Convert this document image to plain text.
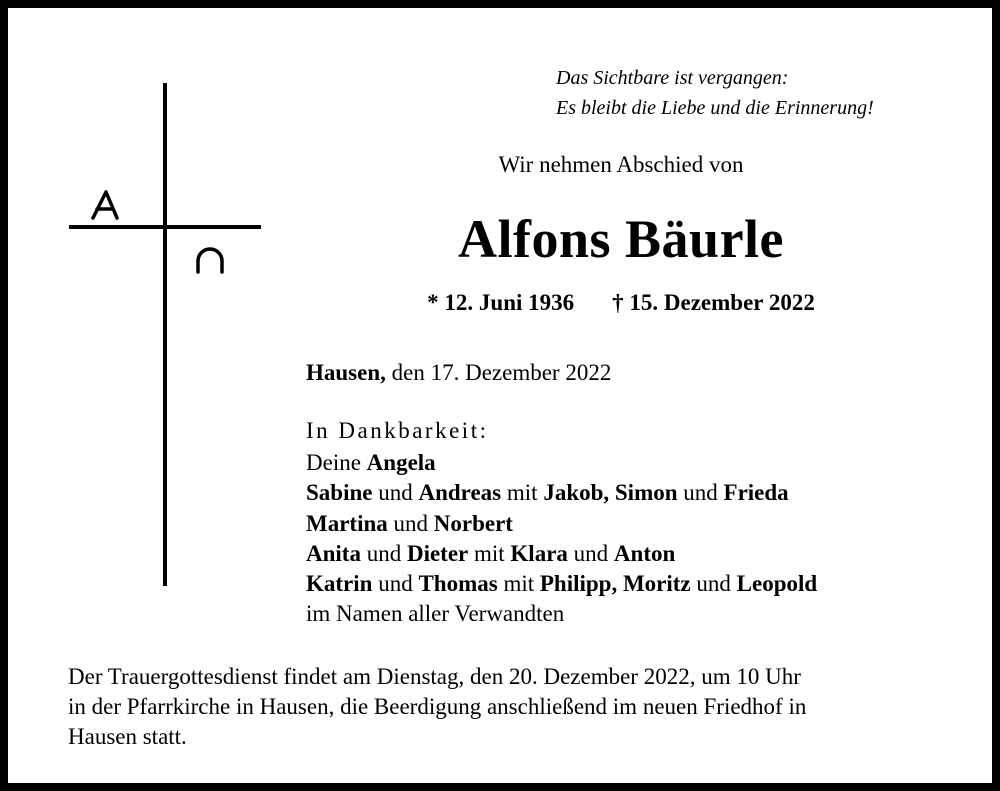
Das Sichtbare ist vergangen:
Es bleibt die Liebe und die Erinnerung!
Wir nehmen Abschied von
Alfons Bäurle
* 12. Juni 1936 † 15. Dezember 2022
Hausen, den 17. Dezember 2022
In Dankbarkeit:
Deine Angela
Sabine und Andreas mit Jakob, Simon und Frieda
Martina und Norbert
Anita und Dieter mit Klara und Anton
Katrin und Thomas mit Philipp, Moritz und Leopold
im Namen aller Verwandten
Der Trauergottesdienst findet am Dienstag, den 20. Dezember 2022, um 10 Uhr
in der Pfarrkirche in Hausen, die Beerdigung anschließend im neuen Friedhof in
Hausen statt.
